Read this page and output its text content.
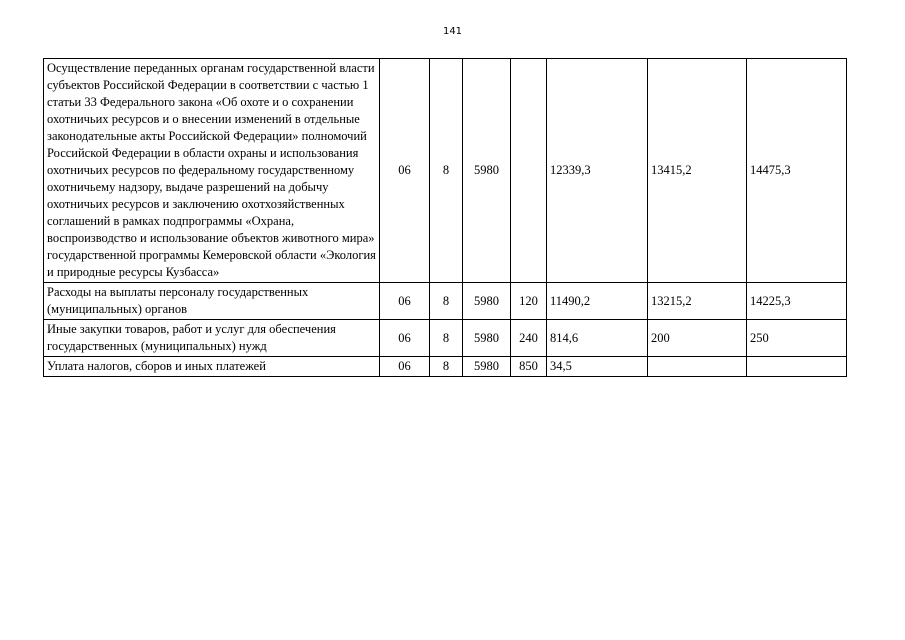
141
Осуществление переданных органам государственной власти субъектов Российской Федерации в соответствии с частью 1 статьи 33 Федерального закона «Об охоте и о сохранении охотничьих ресурсов и о внесении изменений в отдельные законодательные акты Российской Федерации» полномочий Российской Федерации в области охраны и использования охотничьих ресурсов по федеральному государственному охотничьему надзору, выдаче разрешений на добычу охотничьих ресурсов и заключению охотхозяйственных соглашений в рамках подпрограммы «Охрана, воспроизводство и использование объектов животного мира» государственной программы Кемеровской области «Экология и природные ресурсы Кузбасса»	06	8	5980		12339,3	13415,2	14475,3
Расходы на выплаты персоналу государственных (муниципальных) органов	06	8	5980	120	11490,2	13215,2	14225,3
Иные закупки товаров, работ и услуг для обеспечения государственных (муниципальных) нужд	06	8	5980	240	814,6	200	250
Уплата налогов, сборов и иных платежей	06	8	5980	850	34,5		
